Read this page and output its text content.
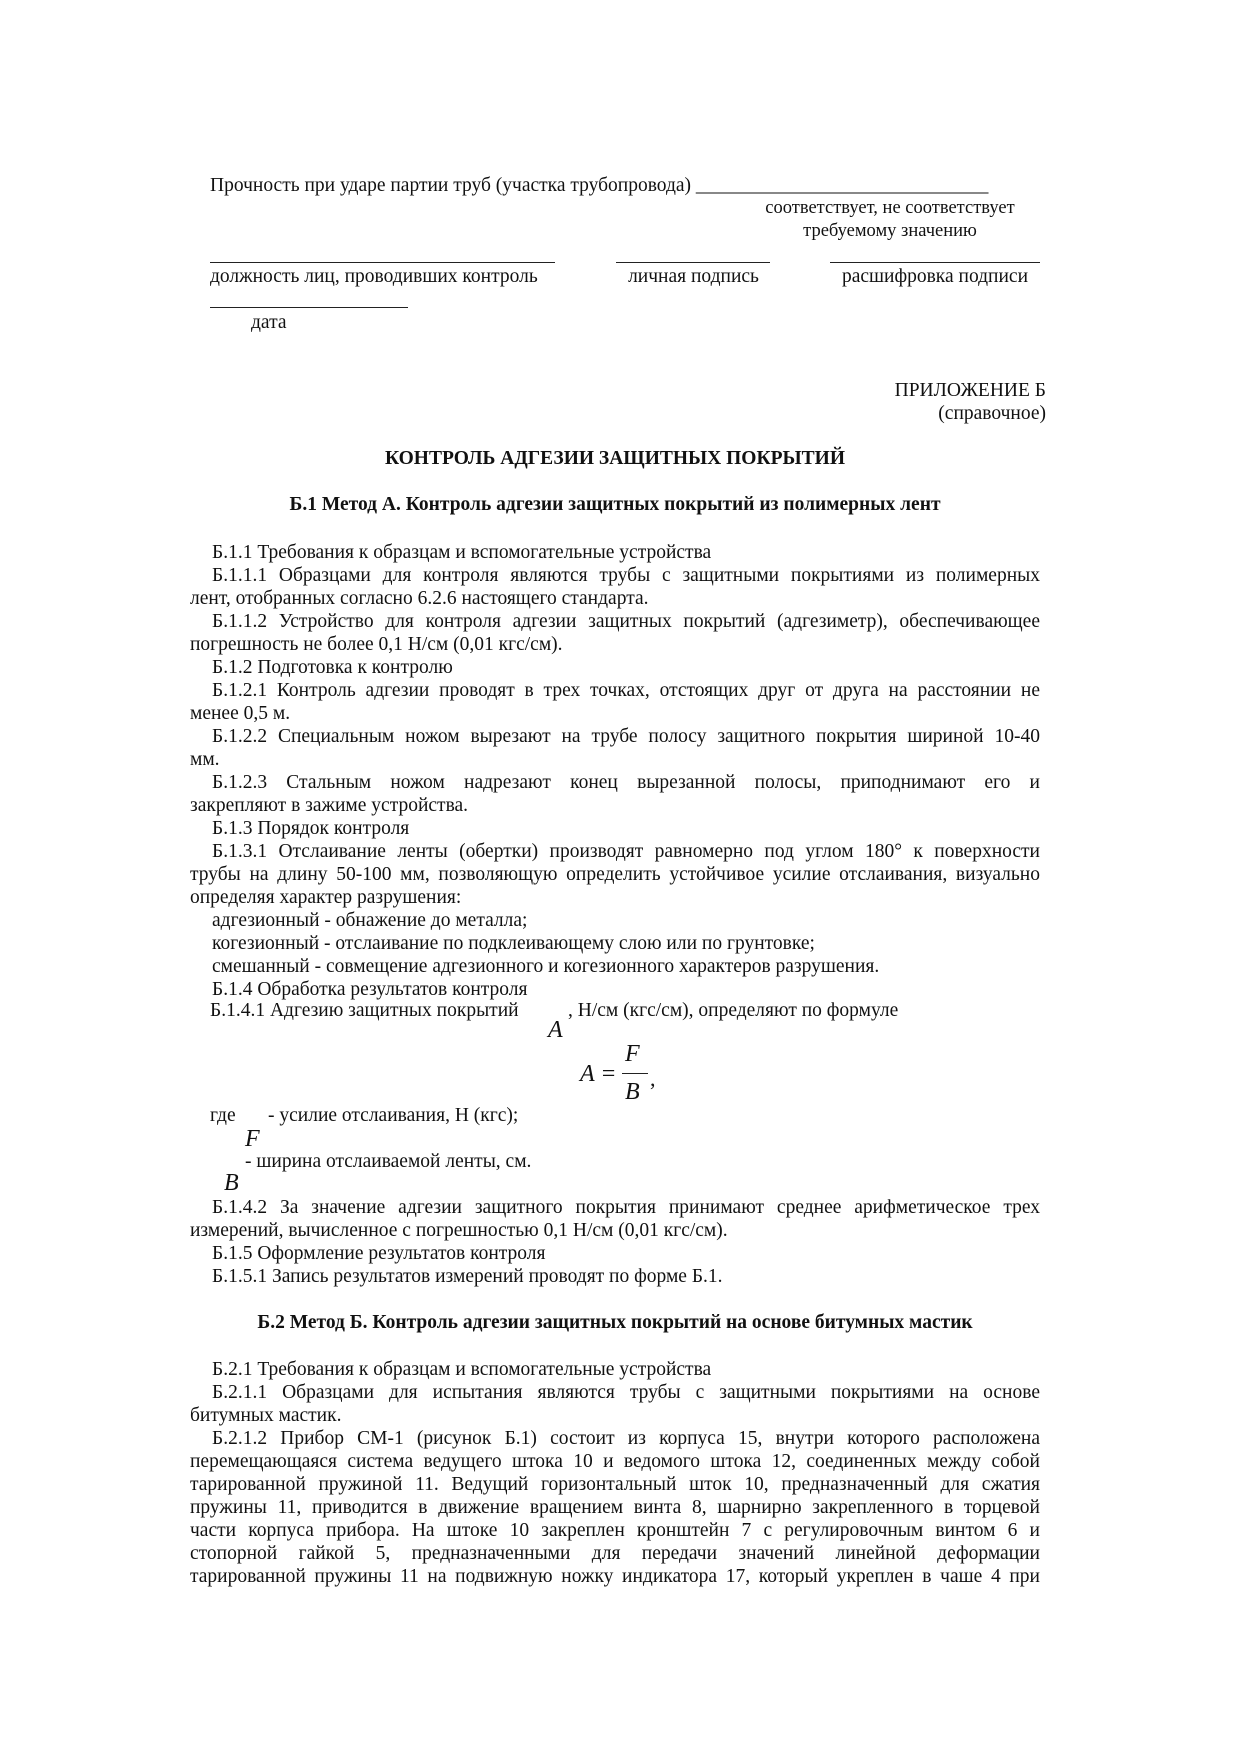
Прочность при ударе партии труб (участка трубопровода) ______________________________
соответствует, не соответствует
требуемому значению
должность лиц, проводивших контроль	личная подпись	расшифровка подписи
дата
ПРИЛОЖЕНИЕ Б
(справочное)
КОНТРОЛЬ АДГЕЗИИ ЗАЩИТНЫХ ПОКРЫТИЙ
Б.1 Метод А. Контроль адгезии защитных покрытий из полимерных лент
Б.1.1 Требования к образцам и вспомогательные устройства
Б.1.1.1 Образцами для контроля являются трубы с защитными покрытиями из полимерных
лент, отобранных согласно 6.2.6 настоящего стандарта.
Б.1.1.2 Устройство для контроля адгезии защитных покрытий (адгезиметр), обеспечивающее
погрешность не более 0,1 Н/см (0,01 кгс/см).
Б.1.2 Подготовка к контролю
Б.1.2.1 Контроль адгезии проводят в трех точках, отстоящих друг от друга на расстоянии не
менее 0,5 м.
Б.1.2.2 Специальным ножом вырезают на трубе полосу защитного покрытия шириной 10-40
мм.
Б.1.2.3 Стальным ножом надрезают конец вырезанной полосы, приподнимают его и
закрепляют в зажиме устройства.
Б.1.3 Порядок контроля
Б.1.3.1 Отслаивание ленты (обертки) производят равномерно под углом 180° к поверхности
трубы на длину 50-100 мм, позволяющую определить устойчивое усилие отслаивания, визуально
определяя характер разрушения:
адгезионный - обнажение до металла;
когезионный - отслаивание по подклеивающему слою или по грунтовке;
смешанный - совмещение адгезионного и когезионного характеров разрушения.
Б.1.4 Обработка результатов контроля
Б.1.4.1 Адгезию защитных покрытий	, Н/см (кгс/см), определяют по формуле
A
A =
F
B
,
где - усилие отслаивания, Н (кгс);
F
- ширина отслаиваемой ленты, см.
B
Б.1.4.2 За значение адгезии защитного покрытия принимают среднее арифметическое трех
измерений, вычисленное с погрешностью 0,1 Н/см (0,01 кгс/см).
Б.1.5 Оформление результатов контроля
Б.1.5.1 Запись результатов измерений проводят по форме Б.1.
Б.2 Метод Б. Контроль адгезии защитных покрытий на основе битумных мастик
Б.2.1 Требования к образцам и вспомогательные устройства
Б.2.1.1 Образцами для испытания являются трубы с защитными покрытиями на основе
битумных мастик.
Б.2.1.2 Прибор СМ-1 (рисунок Б.1) состоит из корпуса 15, внутри которого расположена
перемещающаяся система ведущего штока 10 и ведомого штока 12, соединенных между собой
тарированной пружиной 11. Ведущий горизонтальный шток 10, предназначенный для сжатия
пружины 11, приводится в движение вращением винта 8, шарнирно закрепленного в торцевой
части корпуса прибора. На штоке 10 закреплен кронштейн 7 с регулировочным винтом 6 и
стопорной гайкой 5, предназначенными для передачи значений линейной деформации
тарированной пружины 11 на подвижную ножку индикатора 17, который укреплен в чаше 4 при
